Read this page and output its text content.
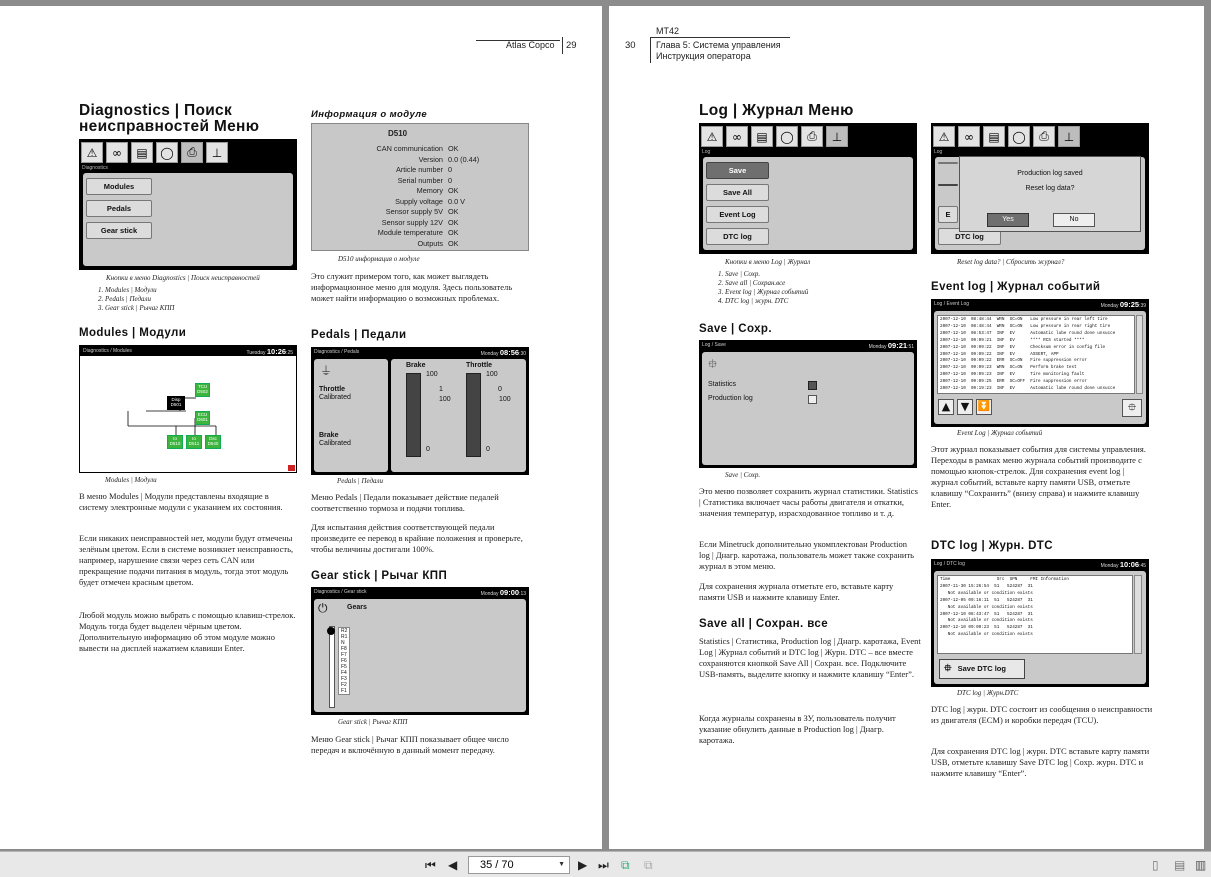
Atlas Copco 29
Diagnostics | Поиск
неисправностей Меню
⚠	∞	▤	◯	⎙	⊥
Diagnostics
Modules
Pedals
Gear stick
Кнопки в меню Diagnostics | Поиск неисправностей
1. Modules | Модули
2. Pedals | Педали
3. Gear stick | Рычаг КПП
Modules | Модули
Diagnostics / Modules	Tuesday 10:26:25
Disp D501
TCU D502
ECU D601
Io D510
Io D511
Dsc D540
Modules | Модули

В меню Modules | Модули представлены входящие в систему электронные модули с указанием их состояния.

Если никаких неисправностей нет, модули будут отмечены зелёным цветом. Если в системе возникнет неисправность, например, нарушение связи через сеть CAN или прекращение подачи питания в модуль, тогда этот модуль будет отмечен красным цветом.

Любой модуль можно выбрать с помощью клавиш-стрелок. Модуль тогда будет выделен чёрным цветом. Дополнительную информацию об этом модуле можно вывести на дисплей нажатием клавиши Enter.

Информация о модуле
D510
CAN communication OK
Version 0.0 (0.44)
Article number 0
Serial number 0
Memory OK
Supply voltage 0.0 V
Sensor supply 5V OK
Sensor supply 12V OK
Module temperature OK
Outputs OK
D510 информация о модуле

Это служит примером того, как может выглядеть информационное меню для модуля. Здесь пользователь может найти информацию о возможных проблемах.

Pedals | Педали
Diagnostics / Pedals	Monday 08:56:30
⏚
Throttle
Calibrated
Brake
Calibrated
Brake	Throttle
100
1
100
0
100
0
100
0
Pedals | Педали

Меню Pedals | Педали показывает действие педалей соответственно тормоза и подачи топлива.

Для испытания действия соответствующей педали произведите ее перевод в крайние положения и проверьте, чтобы величины достигали 100%.

Gear stick | Рычаг КПП
Diagnostics / Gear stick	Monday 09:00:13
⏻	Gears
R2
R1
N
F8
F7
F6
F5
F4
F3
F2
F1
Gear stick | Рычаг КПП

Меню Gear stick | Рычаг КПП показывает общее число передач и включённую в данный момент передачу.

30
MT42
Глава 5: Система управления
Инструкция оператора
Log | Журнал Меню
⚠	∞	▤	◯	⎙	⊥
Log
Save
Save All
Event Log
DTC log
Кнопки в меню Log | Журнал
1. Save | Сохр.
2. Save all | Сохран.все
3. Event log | Журнал событий
4. DTC log | журн. DTC
⚠	∞	▤	◯	⎙	⊥
Log
E
DTC log
Production log saved
Reset log data?
Yes	No
Reset log data? | Сбросить журнал?
Save | Сохр.
Log / Save	Monday 09:21:51
⯐
Statistics
Production log
Save | Сохр.

Это меню позволяет сохранить журнал статистики. Statistics | Статистика включает часы работы двигателя и откатки, значения температур, израсходованное топливо и т. д.

Если Minetruck дополнительно укомплектован Production log | Днагр. каротажа, пользователь может также сохранить журнал в этом меню.

Для сохранения журнала отметьте его, вставьте карту памяти USB и нажмите клавишу Enter.

Save all | Сохран. все

Statistics | Статистика, Production log | Днагр. каротажа, Event Log | Журнал событий и DTC log | Журн. DTC – все вместе сохраняются кнопкой Save All | Сохран. все. Подключите USB-память, выделите кнопку и нажмите клавишу “Enter”.

Когда журналы сохранены в ЗУ, пользователь получит указание обнулить данные в Production log | Днагр. каротажа.

Event log | Журнал событий
Log / Event Log	Monday 09:25:39
2007-12-10  08:48:44  WRN  SC=ON   Low pressure in rear left tire
2007-12-10  08:48:44  WRN  SC=ON   Low pressure in rear right tire
2007-12-10  08:53:47  INF  EV      Automatic lube round done unsucce
2007-12-10  09:09:21  INF  EV      **** RCS started ****
2007-12-10  09:09:22  INF  EV      Checksum error in config file
2007-12-10  09:09:22  INF  EV      ASSERT, APP
2007-12-10  09:09:22  ERR  SC=ON   Fire suppression error
2007-12-10  09:09:23  WRN  SC=ON   Perform brake test
2007-12-10  09:09:23  INF  EV      Tire monitoring fault
2007-12-10  09:09:25  ERR  SC=OFF  Fire suppression error
2007-12-10  09:19:23  INF  EV      Automatic lube round done unsucce
▲ ▼ ⏬	⯐
Event Log | Журнал событий

Этот журнал показывает события для системы управления. Переходы в рамках меню журнала событий производите с помощью кнопок-стрелок. Для сохранения event log | журнал событий, вставьте карту памяти USB, отметьте клавишу “Сохранить” (внизу справа) и нажмите клавишу Enter.

DTC log | Журн. DTC
Log / DTC log	Monday 10:06:45
Time                  Src  SPN     FMI Information
2007-11-30 15:26:54  51   524287  31
Not available or condition exists
2007-12-05 09:16:11  51   524287  31
Not available or condition exists
2007-12-10 08:43:47  51   524287  31
Not available or condition exists
2007-12-10 09:09:23  51   524287  31
Not available or condition exists
⯐ Save DTC log
DTC log | Журн.DTC

DTC log | журн. DTC состоит из сообщения о неисправности из двигателя (ECM) и коробки передач (TCU).

Для сохранения DTC log | журн. DTC вставьте карту памяти USB, отметьте клавишу Save DTC log | Сохр. журн. DTC и нажмите клавишу “Enter”.

⏮ ◀	35 / 70	▼ ▶ ⏭ ⧉ ⧉	▯ ▤ ▥
